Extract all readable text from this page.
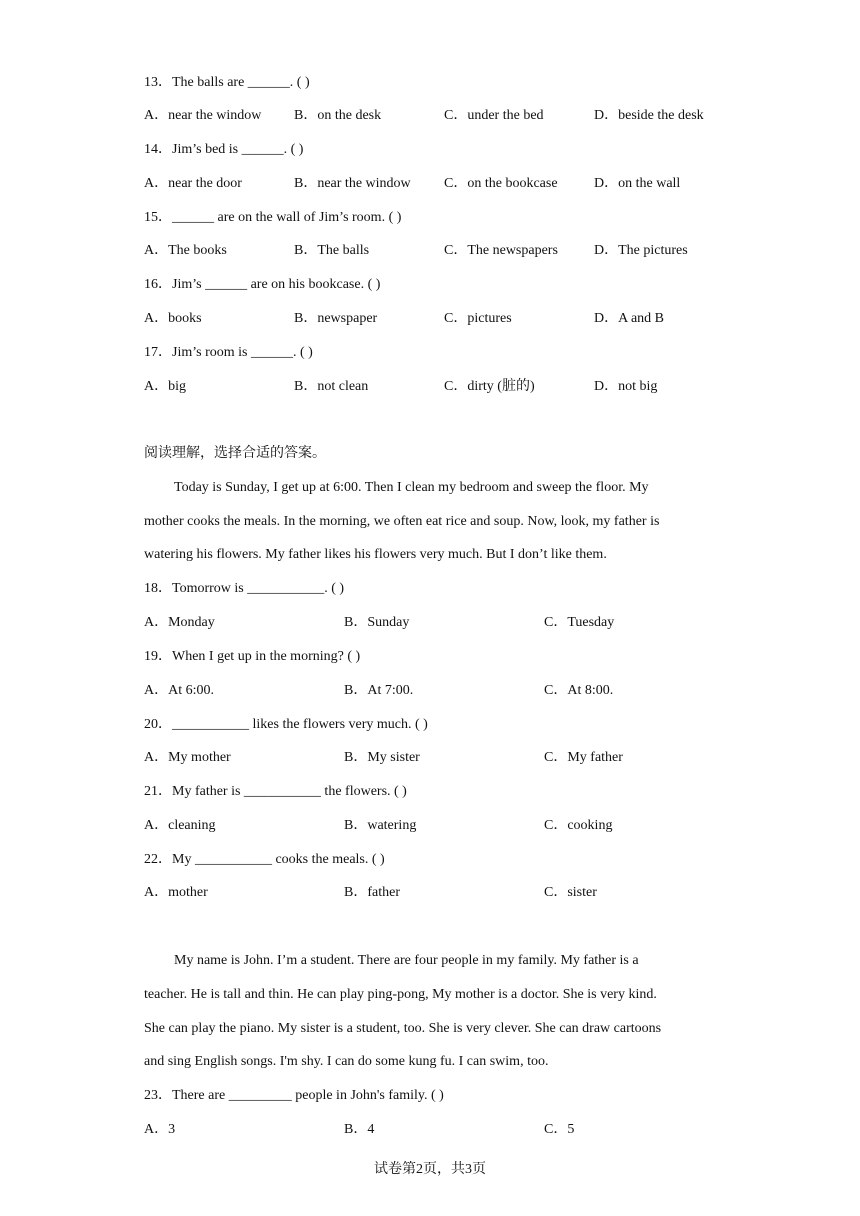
13．The balls are ______. ( )
A．near the window B．on the desk	C．under the bed	D．beside the desk
14．Jim’s bed is ______. ( )
A．near the door	B．near the window C．on the bookcase	D．on the wall
15．______ are on the wall of Jim’s room. ( )
A．The books	B．The balls	C．The newspapers	D．The pictures
16．Jim’s ______ are on his bookcase. ( )
A．books	B．newspaper	C．pictures	D．A and B
17．Jim’s room is ______. ( )
A．big	B．not clean	C．dirty (脏的)	D．not big
阅读理解，选择合适的答案。
Today is Sunday, I get up at 6:00. Then I clean my bedroom and sweep the floor. My
mother cooks the meals. In the morning, we often eat rice and soup. Now, look, my father is
watering his flowers. My father likes his flowers very much. But I don’t like them.
18．Tomorrow is ___________. ( )
A．Monday	B．Sunday	C．Tuesday
19．When I get up in the morning? ( )
A．At 6:00.	B．At 7:00.	C．At 8:00.
20．___________ likes the flowers very much. ( )
A．My mother	B．My sister	C．My father
21．My father is ___________ the flowers. ( )
A．cleaning	B．watering	C．cooking
22．My ___________ cooks the meals. ( )
A．mother	B．father	C．sister
My name is John. I’m a student. There are four people in my family. My father is a
teacher. He is tall and thin. He can play ping-pong, My mother is a doctor. She is very kind.
She can play the piano. My sister is a student, too. She is very clever. She can draw cartoons
and sing English songs. I'm shy. I can do some kung fu. I can swim, too.
23．There are _________ people in John's family. ( )
A．3	B．4	C．5
试卷第2页，共3页
